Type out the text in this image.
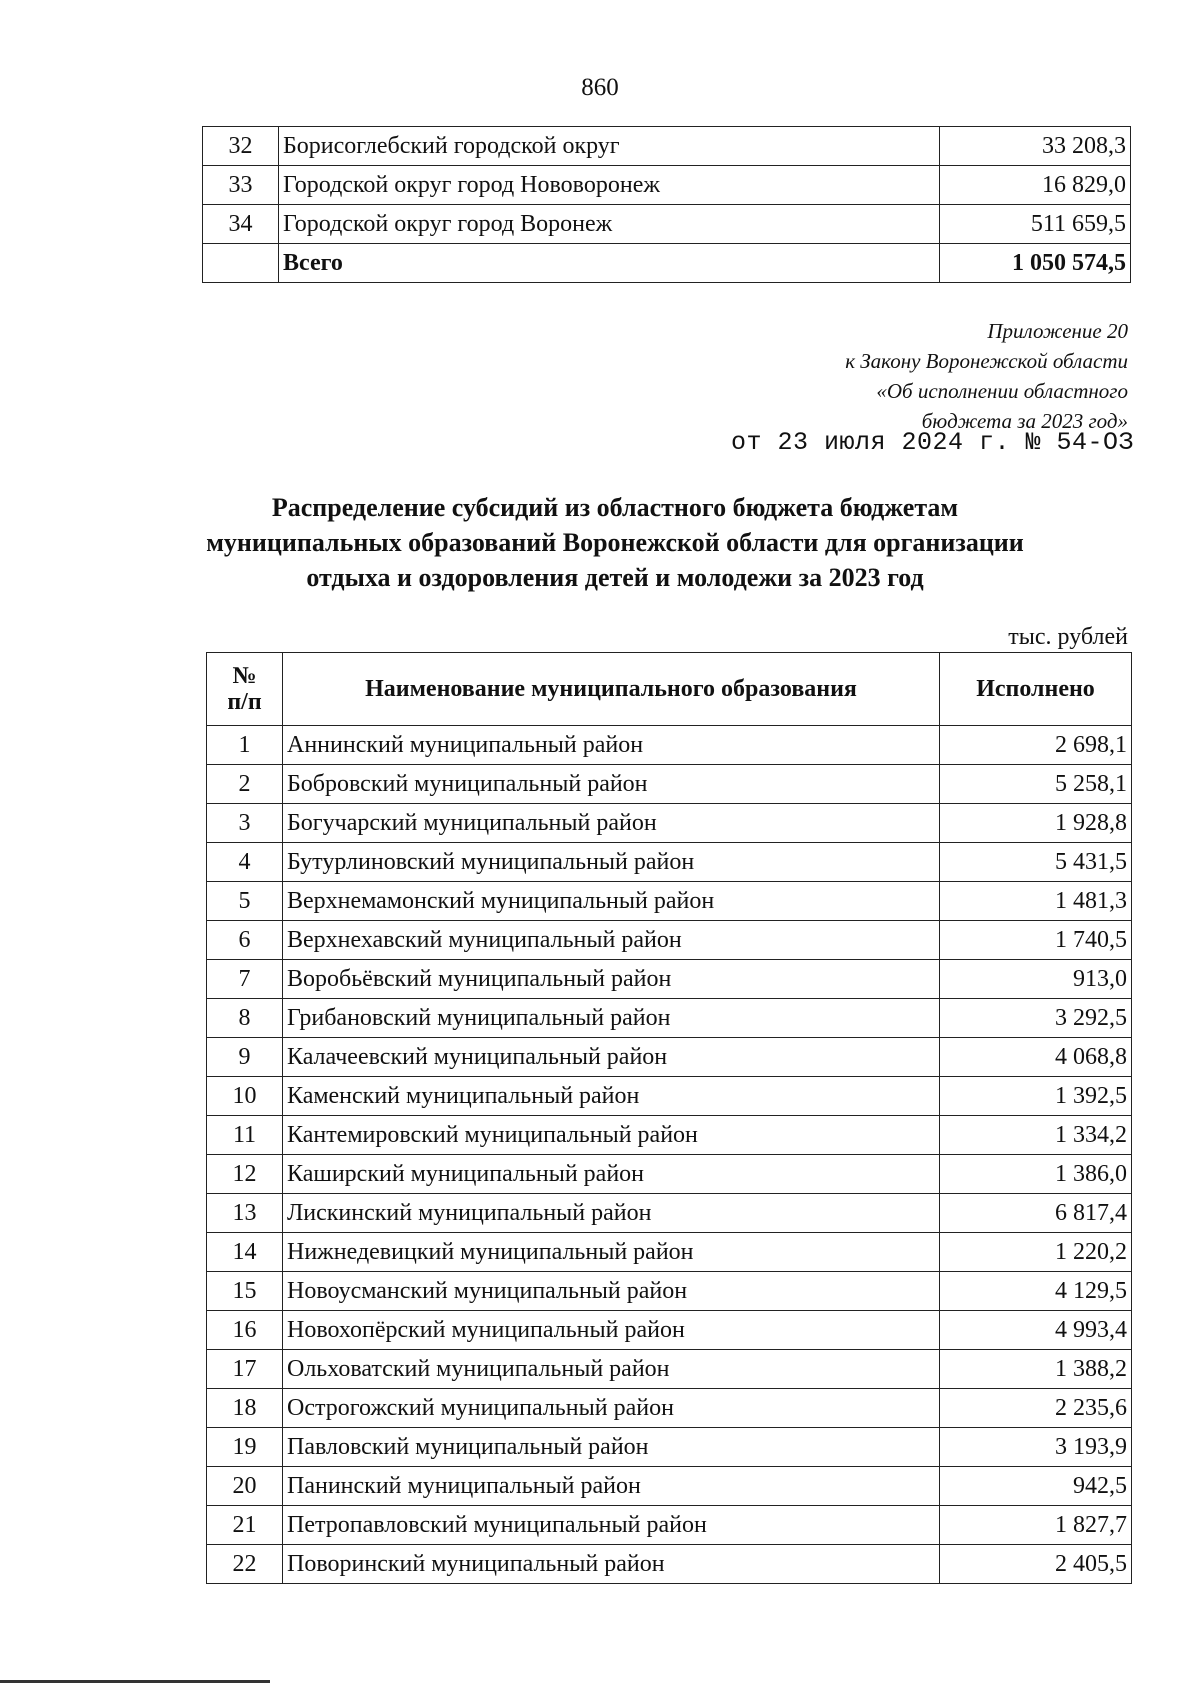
860
32	Борисоглебский городской округ	33 208,3
33	Городской округ город Нововоронеж	16 829,0
34	Городской округ город Воронеж	511 659,5
	Всего	1 050 574,5
Приложение 20
к Закону Воронежской области
«Об исполнении областного
бюджета за 2023 год»
от 23 июля 2024 г. № 54-ОЗ
Распределение субсидий из областного бюджета бюджетам
муниципальных образований Воронежской области для организации
отдыха и оздоровления детей и молодежи за 2023 год
тыс. рублей
№
п/п	Наименование муниципального образования	Исполнено
1	Аннинский муниципальный район	2 698,1
2	Бобровский муниципальный район	5 258,1
3	Богучарский муниципальный район	1 928,8
4	Бутурлиновский муниципальный район	5 431,5
5	Верхнемамонский муниципальный район	1 481,3
6	Верхнехавский муниципальный район	1 740,5
7	Воробьёвский муниципальный район	913,0
8	Грибановский муниципальный район	3 292,5
9	Калачеевский муниципальный район	4 068,8
10	Каменский муниципальный район	1 392,5
11	Кантемировский муниципальный район	1 334,2
12	Каширский муниципальный район	1 386,0
13	Лискинский муниципальный район	6 817,4
14	Нижнедевицкий муниципальный район	1 220,2
15	Новоусманский муниципальный район	4 129,5
16	Новохопёрский муниципальный район	4 993,4
17	Ольховатский муниципальный район	1 388,2
18	Острогожский муниципальный район	2 235,6
19	Павловский муниципальный район	3 193,9
20	Панинский муниципальный район	942,5
21	Петропавловский муниципальный район	1 827,7
22	Поворинский муниципальный район	2 405,5
